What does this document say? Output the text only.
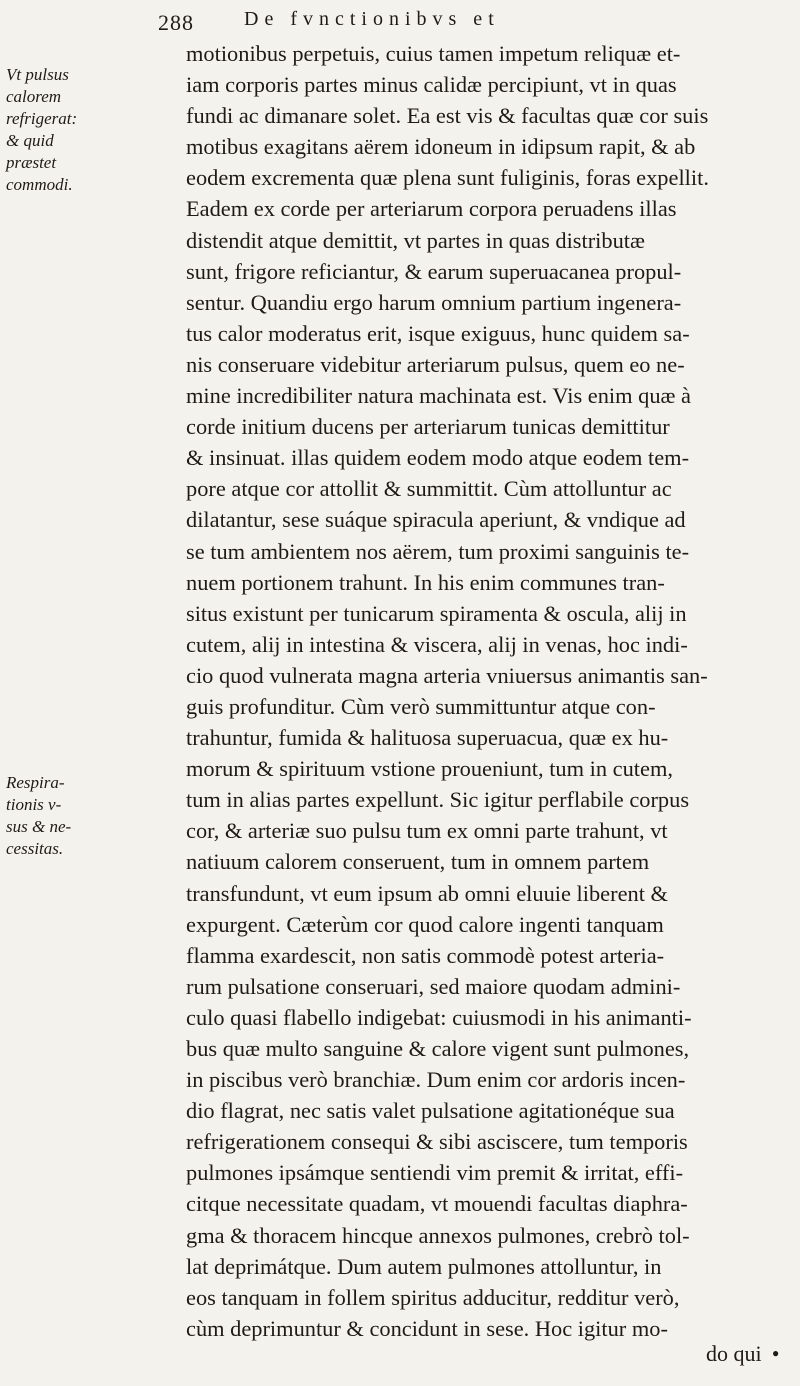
288	De fvnctionibvs et
Vt pulsus
calorem
refrigerat:
& quid
præstet
commodi.
Respira-
tionis v-
sus & ne-
cessitas.
motionibus perpetuis, cuius tamen impetum reliquæ et-
iam corporis partes minus calidæ percipiunt, vt in quas
fundi ac dimanare solet. Ea est vis & facultas quæ cor suis
motibus exagitans aërem idoneum in idipsum rapit, & ab
eodem excrementa quæ plena sunt fuliginis, foras expellit.
Eadem ex corde per arteriarum corpora peruadens illas
distendit atque demittit, vt partes in quas distributæ
sunt, frigore reficiantur, & earum superuacanea propul-
sentur. Quandiu ergo harum omnium partium ingenera-
tus calor moderatus erit, isque exiguus, hunc quidem sa-
nis conseruare videbitur arteriarum pulsus, quem eo ne-
mine incredibiliter natura machinata est. Vis enim quæ à
corde initium ducens per arteriarum tunicas demittitur
& insinuat. illas quidem eodem modo atque eodem tem-
pore atque cor attollit & summittit. Cùm attolluntur ac
dilatantur, sese suáque spiracula aperiunt, & vndique ad
se tum ambientem nos aërem, tum proximi sanguinis te-
nuem portionem trahunt. In his enim communes tran-
situs existunt per tunicarum spiramenta & oscula, alij in
cutem, alij in intestina & viscera, alij in venas, hoc indi-
cio quod vulnerata magna arteria vniuersus animantis san-
guis profunditur. Cùm verò summittuntur atque con-
trahuntur, fumida & halituosa superuacua, quæ ex hu-
morum & spirituum vstione proueniunt, tum in cutem,
tum in alias partes expellunt. Sic igitur perflabile corpus
cor, & arteriæ suo pulsu tum ex omni parte trahunt, vt
natiuum calorem conseruent, tum in omnem partem
transfundunt, vt eum ipsum ab omni eluuie liberent &
expurgent. Cæterùm cor quod calore ingenti tanquam
flamma exardescit, non satis commodè potest arteria-
rum pulsatione conseruari, sed maiore quodam admini-
culo quasi flabello indigebat: cuiusmodi in his animanti-
bus quæ multo sanguine & calore vigent sunt pulmones,
in piscibus verò branchiæ. Dum enim cor ardoris incen-
dio flagrat, nec satis valet pulsatione agitationéque sua
refrigerationem consequi & sibi asciscere, tum temporis
pulmones ipsámque sentiendi vim premit & irritat, effi-
citque necessitate quadam, vt mouendi facultas diaphra-
gma & thoracem hincque annexos pulmones, crebrò tol-
lat deprimátque. Dum autem pulmones attolluntur, in
eos tanquam in follem spiritus adducitur, redditur verò,
cùm deprimuntur & concidunt in sese. Hoc igitur mo-
do qui ●
